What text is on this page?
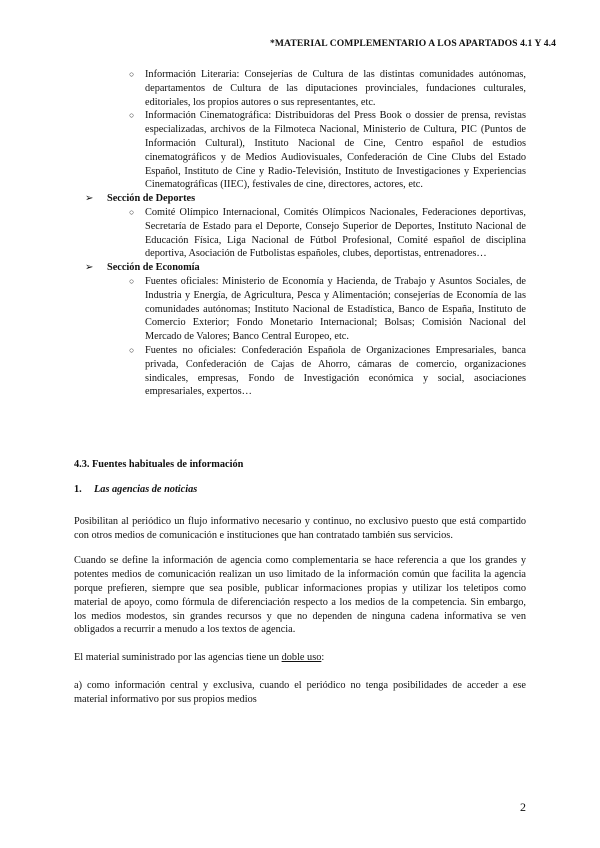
*MATERIAL COMPLEMENTARIO A LOS APARTADOS 4.1 Y 4.4
○ Información Literaria: Consejerías de Cultura de las distintas comunidades autónomas, departamentos de Cultura de las diputaciones provinciales, fundaciones culturales, editoriales, los propios autores o sus representantes, etc.
○ Información Cinematográfica: Distribuidoras del Press Book o dossier de prensa, revistas especializadas, archivos de la Filmoteca Nacional, Ministerio de Cultura, PIC (Puntos de Información Cultural), Instituto Nacional de Cine, Centro español de estudios cinematográficos y de Medios Audiovisuales, Confederación de Cine Clubs del Estado Español, Instituto de Cine y Radio-Televisión, Instituto de Investigaciones y Experiencias Cinematográficas (IIEC), festivales de cine, directores, actores, etc.
➢ Sección de Deportes
○ Comité Olímpico Internacional, Comités Olímpicos Nacionales, Federaciones deportivas, Secretaría de Estado para el Deporte, Consejo Superior de Deportes, Instituto Nacional de Educación Física, Liga Nacional de Fútbol Profesional, Comité español de disciplina deportiva, Asociación de Futbolistas españoles, clubes, deportistas, entrenadores…
➢ Sección de Economía
○ Fuentes oficiales: Ministerio de Economía y Hacienda, de Trabajo y Asuntos Sociales, de Industria y Energía, de Agricultura, Pesca y Alimentación; consejerías de Economía de las comunidades autónomas; Instituto Nacional de Estadística, Banco de España, Instituto de Comercio Exterior; Fondo Monetario Internacional; Bolsas; Comisión Nacional del Mercado de Valores; Banco Central Europeo, etc.
○ Fuentes no oficiales: Confederación Española de Organizaciones Empresariales, banca privada, Confederación de Cajas de Ahorro, cámaras de comercio, organizaciones sindicales, empresas, Fondo de Investigación económica y social, asociaciones empresariales, expertos…
4.3. Fuentes habituales de información
1. Las agencias de noticias
Posibilitan al periódico un flujo informativo necesario y continuo, no exclusivo puesto que está compartido con otros medios de comunicación e instituciones que han contratado también sus servicios.
Cuando se define la información de agencia como complementaria se hace referencia a que los grandes y potentes medios de comunicación realizan un uso limitado de la información común que facilita la agencia porque prefieren, siempre que sea posible, publicar informaciones propias y utilizar los teletipos como material de apoyo, como fórmula de diferenciación respecto a los medios de la competencia. Sin embargo, los medios modestos, sin grandes recursos y que no dependen de ninguna cadena informativa se ven obligados a recurrir a menudo a los textos de agencia.
El material suministrado por las agencias tiene un doble uso:
a) como información central y exclusiva, cuando el periódico no tenga posibilidades de acceder a ese material informativo por sus propios medios
2
